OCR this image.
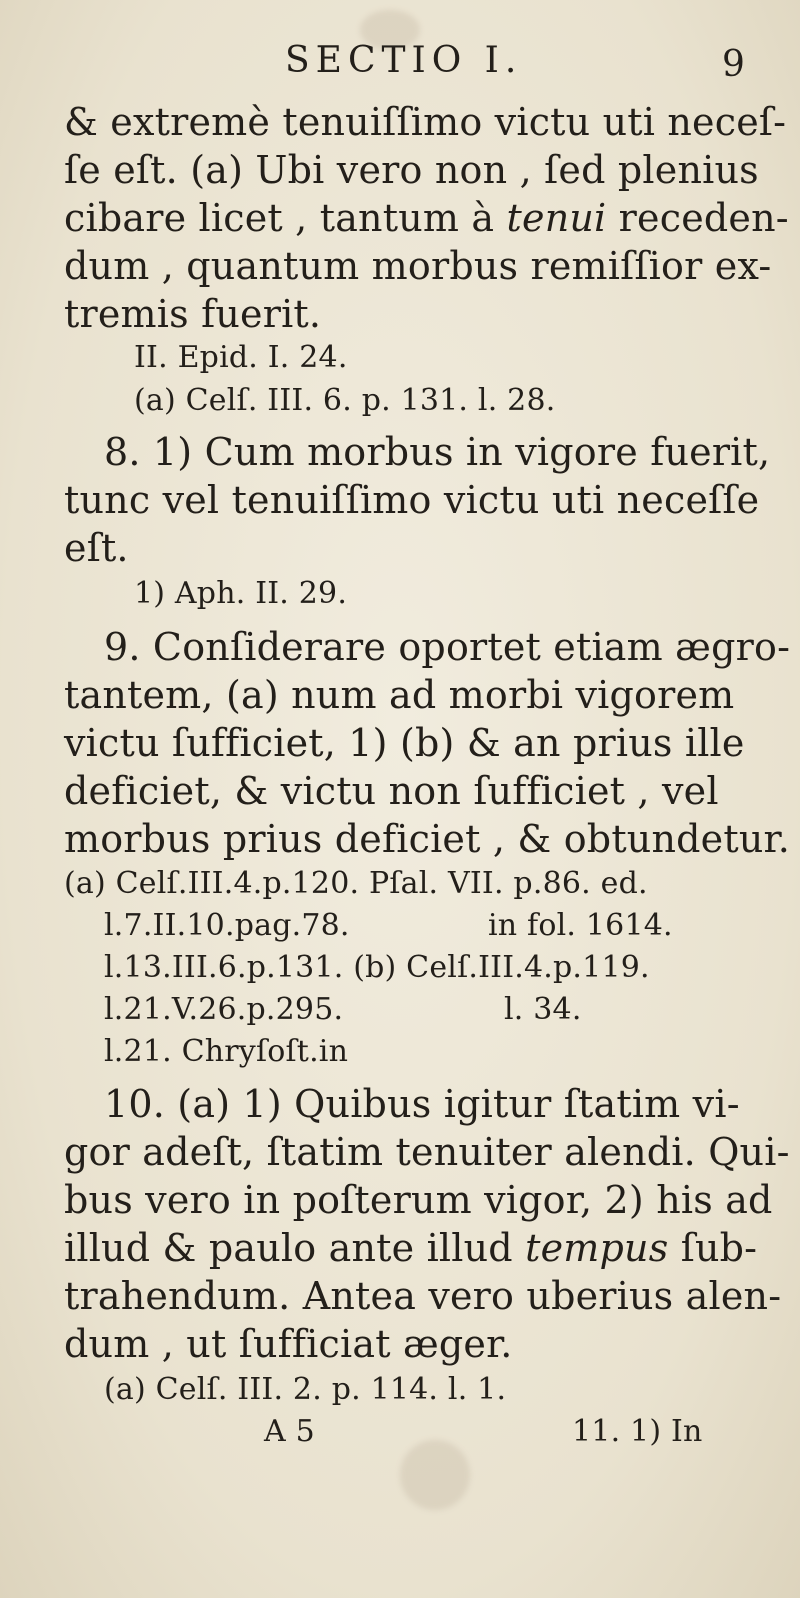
SECTIO I.	9
& extremè tenuiſſimo victu uti neceſ-
ſe eſt. (a) Ubi vero non , ſed plenius
cibare licet , tantum à tenui receden-
dum , quantum morbus remiſſior ex-
tremis fuerit.
II. Epid. I. 24.
(a) Celſ. III. 6. p. 131. l. 28.
8. 1) Cum morbus in vigore fuerit,
tunc vel tenuiſſimo victu uti neceſſe
eſt.
1) Aph. II. 29.
9. Conſiderare oportet etiam ægro-
tantem, (a) num ad morbi vigorem
victu ſufficiet, 1) (b) & an prius ille
deficiet, & victu non ſufficiet , vel
morbus prius deficiet , & obtundetur.
(a) Celſ.III.4.p.120. Pſal. VII. p.86. ed.
l.7.II.10.pag.78.	in fol. 1614.
l.13.III.6.p.131. (b) Celſ.III.4.p.119.
l.21.V.26.p.295.	l. 34.
l.21. Chryſoſt.in
10. (a) 1) Quibus igitur ſtatim vi-
gor adeſt, ſtatim tenuiter alendi. Qui-
bus vero in poſterum vigor, 2) his ad
illud & paulo ante illud tempus ſub-
trahendum. Antea vero uberius alen-
dum , ut ſufficiat æger.
(a) Celſ. III. 2. p. 114. l. 1.
A 5	11. 1) In
